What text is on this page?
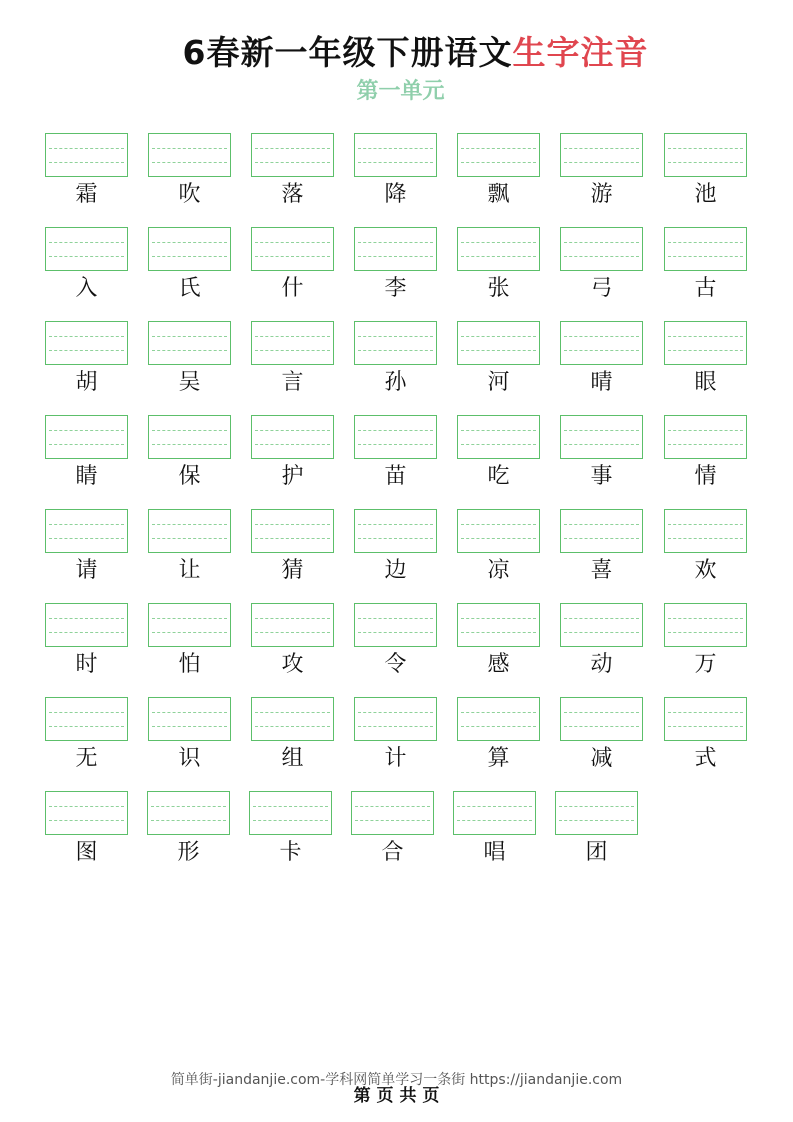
6春新一年级下册语文生字注音
第一单元
霜	吹	落	降	飘	游	池
入	氏	什	李	张	弓	古
胡	吴	言	孙	河	晴	眼
睛	保	护	苗	吃	事	情
请	让	猜	边	凉	喜	欢
时	怕	攻	令	感	动	万
无	识	组	计	算	减	式
图	形	卡	合	唱	团
简单街-jiandanjie.com-学科网简单学习一条街 https://jiandanjie.com
第 页 共 页
